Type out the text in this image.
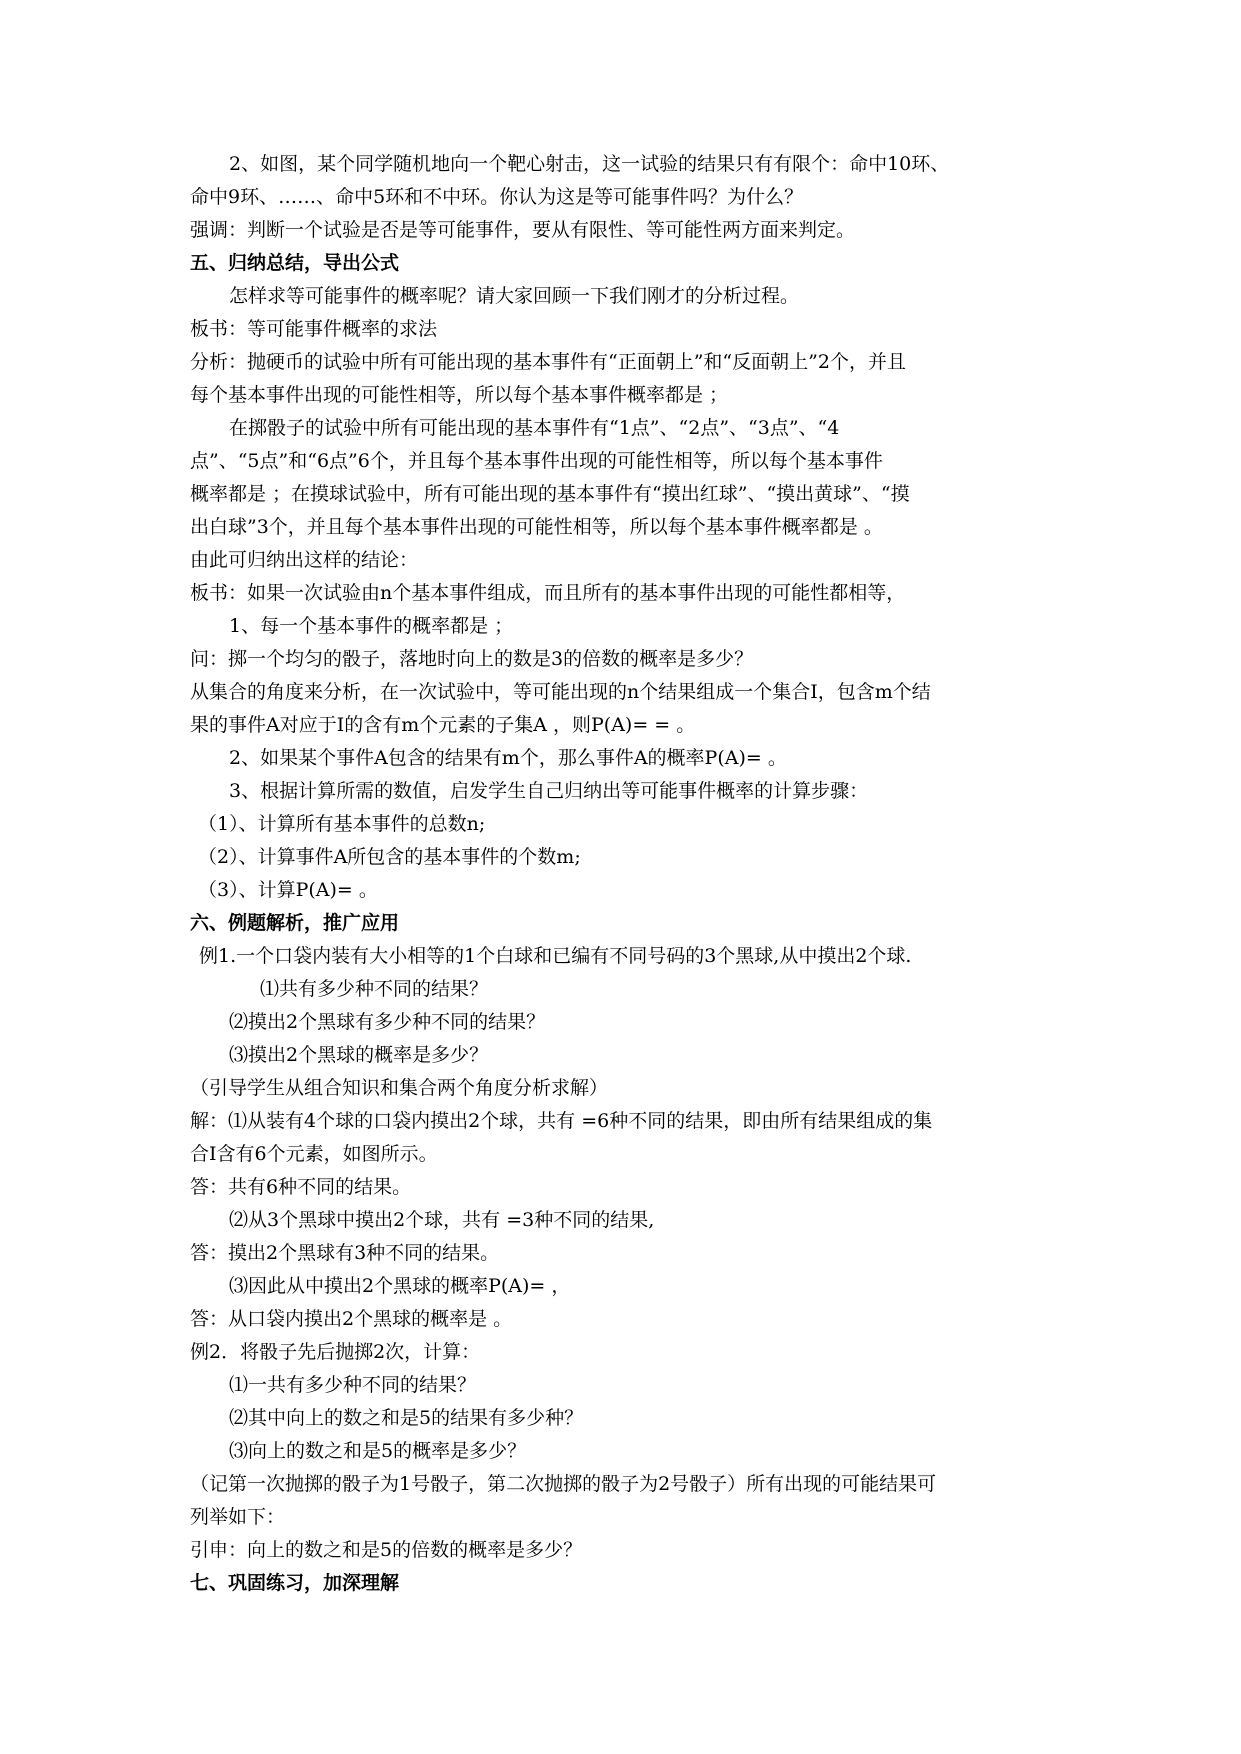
2、如图，某个同学随机地向一个靶心射击，这一试验的结果只有有限个：命中10环、
命中9环、……、命中5环和不中环。你认为这是等可能事件吗？为什么？
强调：判断一个试验是否是等可能事件，要从有限性、等可能性两方面来判定。
五、归纳总结，导出公式
怎样求等可能事件的概率呢？请大家回顾一下我们刚才的分析过程。
板书：等可能事件概率的求法
分析：抛硬币的试验中所有可能出现的基本事件有“正面朝上”和“反面朝上”2个，并且
每个基本事件出现的可能性相等，所以每个基本事件概率都是 ；
在掷骰子的试验中所有可能出现的基本事件有“1点”、“2点”、“3点”、“4
点”、“5点”和“6点”6个，并且每个基本事件出现的可能性相等，所以每个基本事件
概率都是 ；在摸球试验中，所有可能出现的基本事件有“摸出红球”、“摸出黄球”、“摸
出白球”3个，并且每个基本事件出现的可能性相等，所以每个基本事件概率都是 。
由此可归纳出这样的结论：
板书：如果一次试验由n个基本事件组成，而且所有的基本事件出现的可能性都相等，
1、每一个基本事件的概率都是 ；
问：掷一个均匀的骰子，落地时向上的数是3的倍数的概率是多少？
从集合的角度来分析，在一次试验中，等可能出现的n个结果组成一个集合I，包含m个结
果的事件A对应于I的含有m个元素的子集A ，则P(A)= = 。
2、如果某个事件A包含的结果有m个，那么事件A的概率P(A)= 。
3、根据计算所需的数值，启发学生自己归纳出等可能事件概率的计算步骤：
（1）、计算所有基本事件的总数n;
（2）、计算事件A所包含的基本事件的个数m;
（3）、计算P(A)= 。
六、例题解析，推广应用
例1.一个口袋内装有大小相等的1个白球和已编有不同号码的3个黑球,从中摸出2个球.
⑴共有多少种不同的结果？
⑵摸出2个黑球有多少种不同的结果？
⑶摸出2个黑球的概率是多少？
（引导学生从组合知识和集合两个角度分析求解）
解：⑴从装有4个球的口袋内摸出2个球，共有 =6种不同的结果，即由所有结果组成的集
合I含有6个元素，如图所示。
答：共有6种不同的结果。
⑵从3个黑球中摸出2个球，共有 =3种不同的结果,
答：摸出2个黑球有3种不同的结果。
⑶因此从中摸出2个黑球的概率P(A)= ，
答：从口袋内摸出2个黑球的概率是 。
例2．将骰子先后抛掷2次，计算：
⑴一共有多少种不同的结果？
⑵其中向上的数之和是5的结果有多少种？
⑶向上的数之和是5的概率是多少？
（记第一次抛掷的骰子为1号骰子，第二次抛掷的骰子为2号骰子）所有出现的可能结果可
列举如下：
引申：向上的数之和是5的倍数的概率是多少？
七、巩固练习，加深理解
